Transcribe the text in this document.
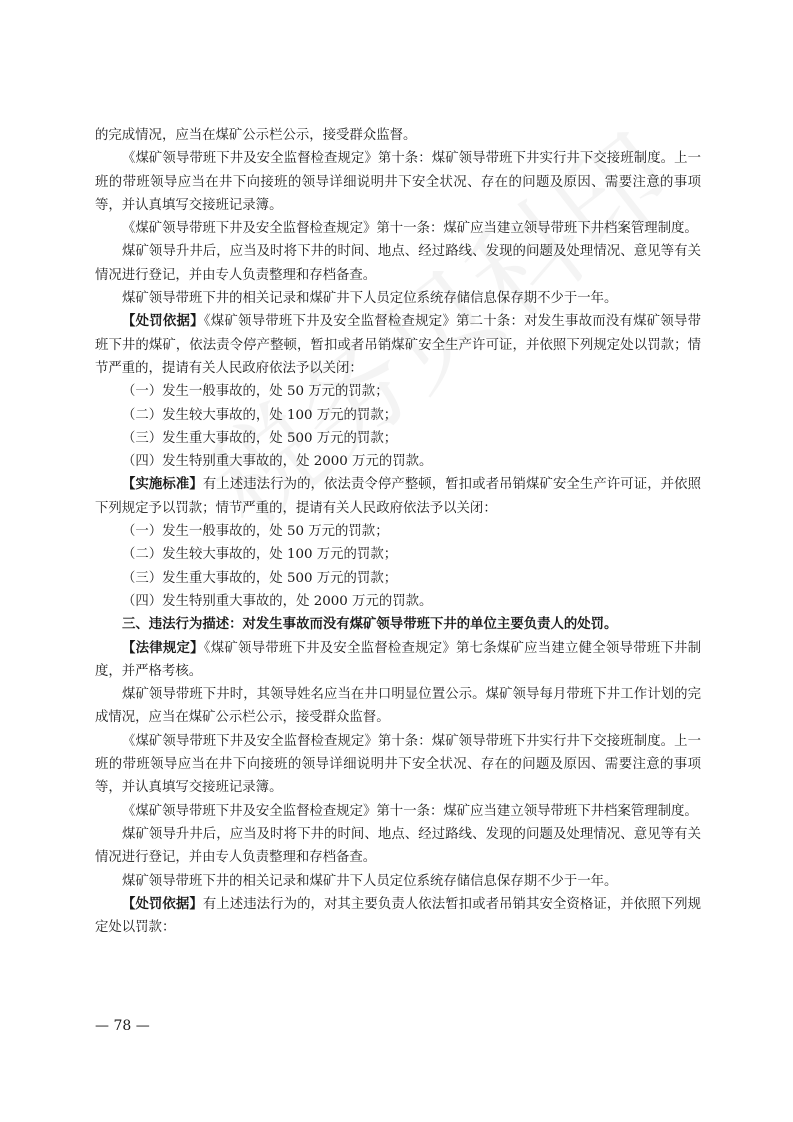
的完成情况，应当在煤矿公示栏公示，接受群众监督。

《煤矿领导带班下井及安全监督检查规定》第十条：煤矿领导带班下井实行井下交接班制度。上一班的带班领导应当在井下向接班的领导详细说明井下安全状况、存在的问题及原因、需要注意的事项等，并认真填写交接班记录簿。

《煤矿领导带班下井及安全监督检查规定》第十一条：煤矿应当建立领导带班下井档案管理制度。

煤矿领导升井后，应当及时将下井的时间、地点、经过路线、发现的问题及处理情况、意见等有关情况进行登记，并由专人负责整理和存档备查。

煤矿领导带班下井的相关记录和煤矿井下人员定位系统存储信息保存期不少于一年。

【处罚依据】《煤矿领导带班下井及安全监督检查规定》第二十条：对发生事故而没有煤矿领导带班下井的煤矿，依法责令停产整顿，暂扣或者吊销煤矿安全生产许可证，并依照下列规定处以罚款；情节严重的，提请有关人民政府依法予以关闭：

（一）发生一般事故的，处 50 万元的罚款；

（二）发生较大事故的，处 100 万元的罚款；

（三）发生重大事故的，处 500 万元的罚款；

（四）发生特别重大事故的，处 2000 万元的罚款。

【实施标准】有上述违法行为的，依法责令停产整顿，暂扣或者吊销煤矿安全生产许可证，并依照下列规定予以罚款；情节严重的，提请有关人民政府依法予以关闭：

（一）发生一般事故的，处 50 万元的罚款；

（二）发生较大事故的，处 100 万元的罚款；

（三）发生重大事故的，处 500 万元的罚款；

（四）发生特别重大事故的，处 2000 万元的罚款。

三、违法行为描述：对发生事故而没有煤矿领导带班下井的单位主要负责人的处罚。

【法律规定】《煤矿领导带班下井及安全监督检查规定》第七条煤矿应当建立健全领导带班下井制度，并严格考核。

煤矿领导带班下井时，其领导姓名应当在井口明显位置公示。煤矿领导每月带班下井工作计划的完成情况，应当在煤矿公示栏公示，接受群众监督。

《煤矿领导带班下井及安全监督检查规定》第十条：煤矿领导带班下井实行井下交接班制度。上一班的带班领导应当在井下向接班的领导详细说明井下安全状况、存在的问题及原因、需要注意的事项等，并认真填写交接班记录簿。

《煤矿领导带班下井及安全监督检查规定》第十一条：煤矿应当建立领导带班下井档案管理制度。

煤矿领导升井后，应当及时将下井的时间、地点、经过路线、发现的问题及处理情况、意见等有关情况进行登记，并由专人负责整理和存档备查。

煤矿领导带班下井的相关记录和煤矿井下人员定位系统存储信息保存期不少于一年。

【处罚依据】有上述违法行为的，对其主要负责人依法暂扣或者吊销其安全资格证，并依照下列规定处以罚款：

— 78 —
